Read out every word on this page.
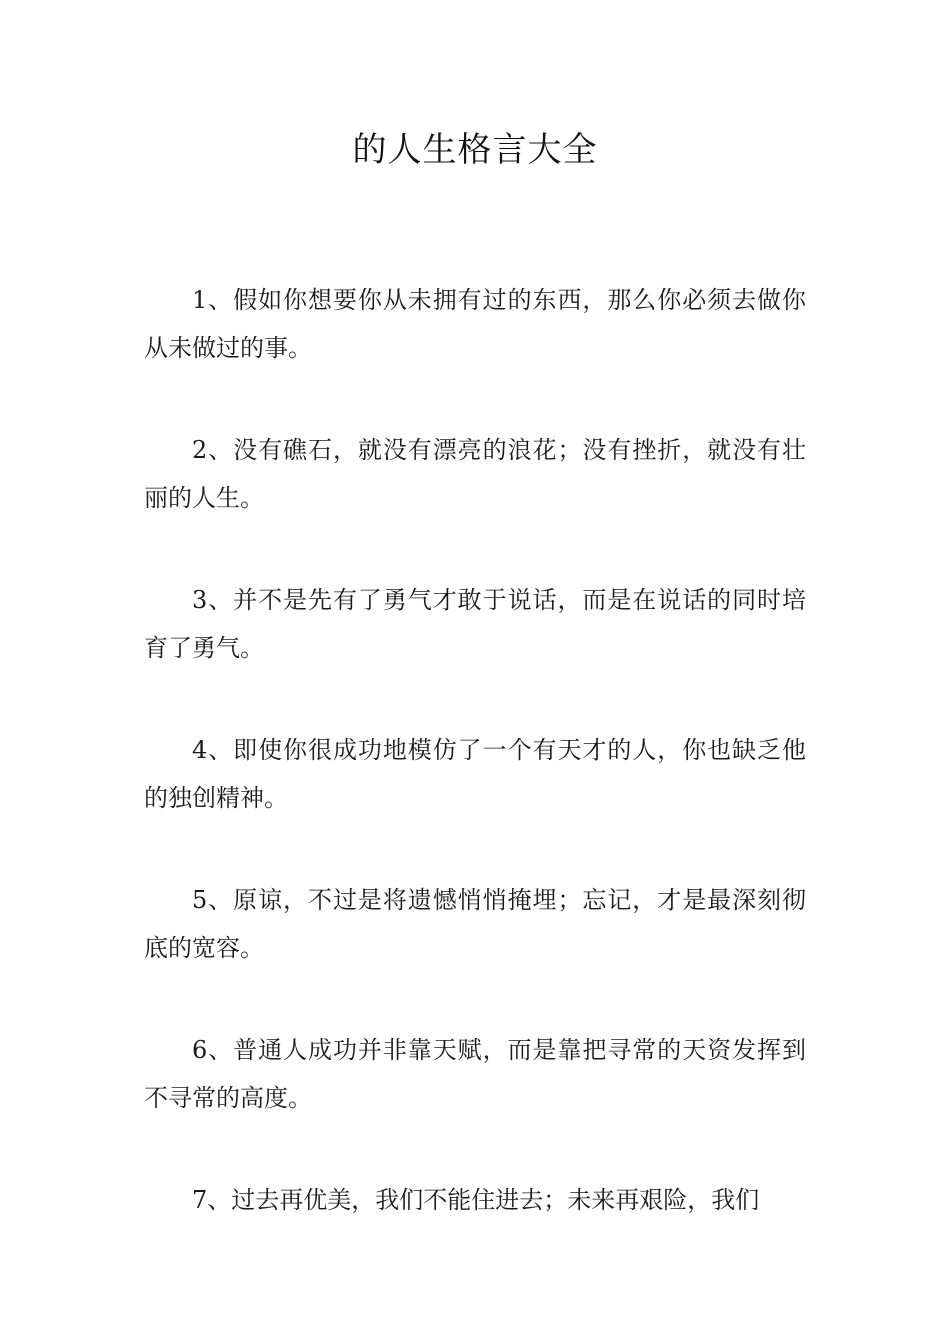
的人生格言大全

1、假如你想要你从未拥有过的东西，那么你必须去做你从未做过的事。

2、没有礁石，就没有漂亮的浪花；没有挫折，就没有壮丽的人生。

3、并不是先有了勇气才敢于说话，而是在说话的同时培育了勇气。

4、即使你很成功地模仿了一个有天才的人，你也缺乏他的独创精神。

5、原谅，不过是将遗憾悄悄掩埋；忘记，才是最深刻彻底的宽容。

6、普通人成功并非靠天赋，而是靠把寻常的天资发挥到不寻常的高度。

7、过去再优美，我们不能住进去；未来再艰险，我们
